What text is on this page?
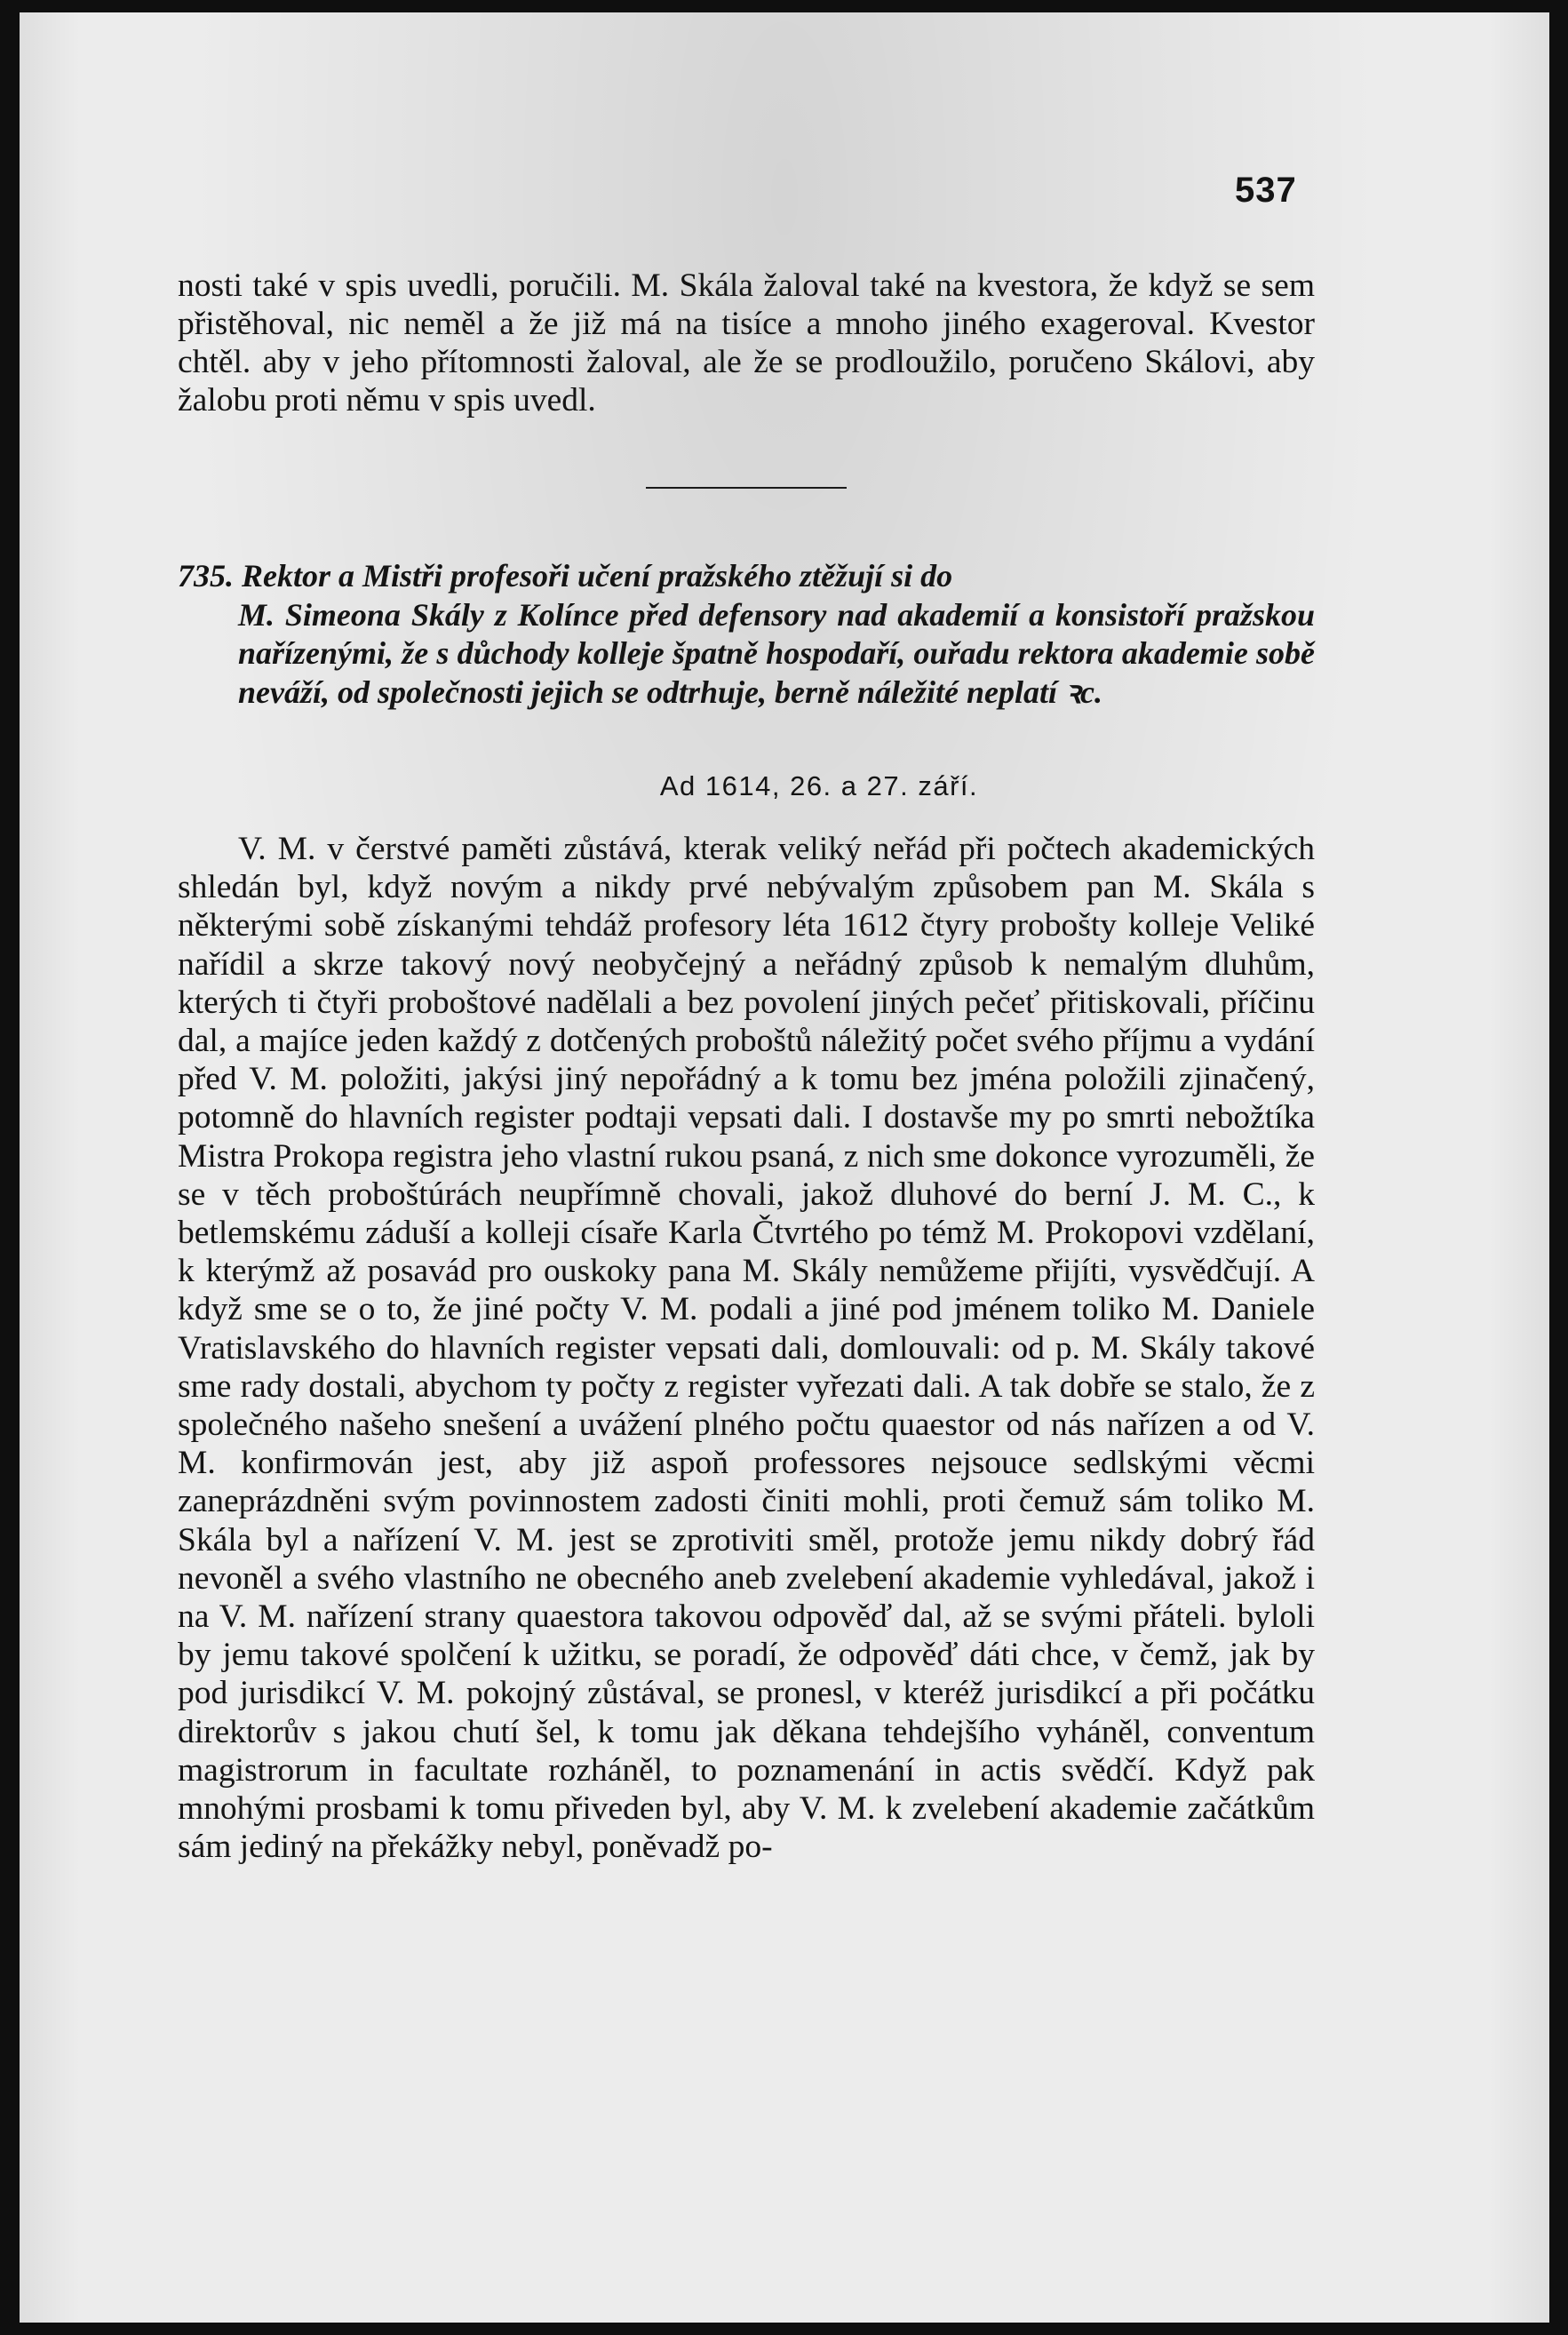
537

nosti také v spis uvedli, poručili. M. Skála žaloval také na kvestora, že když se sem přistěhoval, nic neměl a že již má na tisíce a mnoho jiného exageroval. Kvestor chtěl. aby v jeho přítomnosti žaloval, ale že se prodloužilo, poručeno Skálovi, aby žalobu proti němu v spis uvedl.

735. Rektor a Mistři profesoři učení pražského ztěžují si do
M. Simeona Skály z Kolínce před defensory nad akademií a konsistoří pražskou nařízenými, že s důchody kolleje špatně hospodaří, ouřadu rektora akademie sobě neváží, od společnosti jejich se odtrhuje, berně náležité neplatí ꝛc.
Ad 1614, 26. a 27. září.

V. M. v čerstvé paměti zůstává, kterak veliký neřád při počtech akademických shledán byl, když novým a nikdy prvé nebývalým způsobem pan M. Skála s některými sobě získanými tehdáž profesory léta 1612 čtyry probošty kolleje Veliké nařídil a skrze takový nový neobyčejný a neřádný způsob k nemalým dluhům, kterých ti čtyři proboštové nadělali a bez povolení jiných pečeť přitiskovali, příčinu dal, a majíce jeden každý z dotčených proboštů náležitý počet svého příjmu a vydání před V. M. položiti, jakýsi jiný nepořádný a k tomu bez jména položili zjinačený, potomně do hlavních register podtaji vepsati dali. I dostavše my po smrti nebožtíka Mistra Prokopa registra jeho vlastní rukou psaná, z nich sme dokonce vyrozuměli, že se v těch proboštúrách neupřímně chovali, jakož dluhové do berní J. M. C., k betlemskému záduší a kolleji císaře Karla Čtvrtého po témž M. Prokopovi vzdělaní, k kterýmž až posavád pro ouskoky pana M. Skály nemůžeme přijíti, vysvědčují. A když sme se o to, že jiné počty V. M. podali a jiné pod jménem toliko M. Daniele Vratislavského do hlavních register vepsati dali, domlouvali: od p. M. Skály takové sme rady dostali, abychom ty počty z register vyřezati dali. A tak dobře se stalo, že z společného našeho snešení a uvážení plného počtu quaestor od nás nařízen a od V. M. konfirmován jest, aby již aspoň professores nejsouce sedlskými věcmi zaneprázdněni svým povinnostem zadosti činiti mohli, proti čemuž sám toliko M. Skála byl a nařízení V. M. jest se zprotiviti směl, protože jemu nikdy dobrý řád nevoněl a svého vlastního ne obecného aneb zvelebení akademie vyhledával, jakož i na V. M. nařízení strany quaestora takovou odpověď dal, až se svými přáteli. byloli by jemu takové spolčení k užitku, se poradí, že odpověď dáti chce, v čemž, jak by pod jurisdikcí V. M. pokojný zůstával, se pronesl, v kteréž jurisdikcí a při počátku direktorův s jakou chutí šel, k tomu jak děkana tehdejšího vyháněl, conventum magistrorum in facultate rozháněl, to poznamenání in actis svědčí. Když pak mnohými prosbami k tomu přiveden byl, aby V. M. k zvelebení akademie začátkům sám jediný na překážky nebyl, poněvadž po-
